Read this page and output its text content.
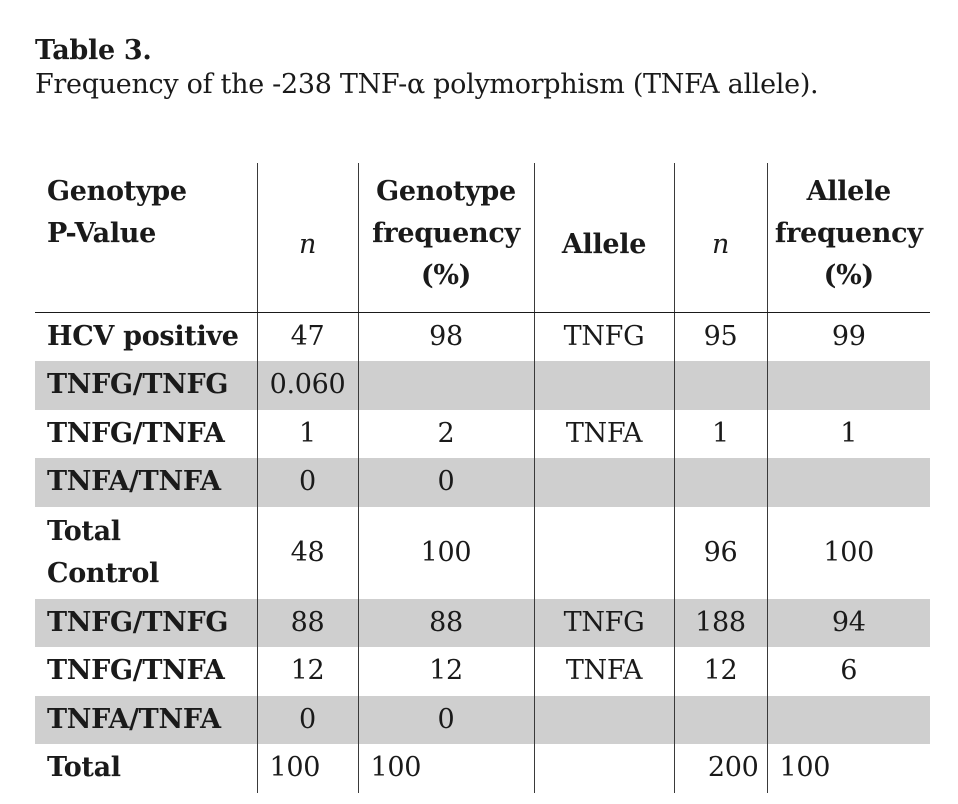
Table 3.
Frequency of the -238 TNF-α polymorphism (TNFA allele).
Genotype P-Value	n	Genotype frequency (%)	Allele	n	Allele frequency (%)
HCV positive	47	98	TNFG	95	99
TNFG/TNFG	0.060				
TNFG/TNFA	1	2	TNFA	1	1
TNFA/TNFA	0	0			
Total Control	48	100		96	100
TNFG/TNFG	88	88	TNFG	188	94
TNFG/TNFA	12	12	TNFA	12	6
TNFA/TNFA	0	0			
Total	100	100		200	100
